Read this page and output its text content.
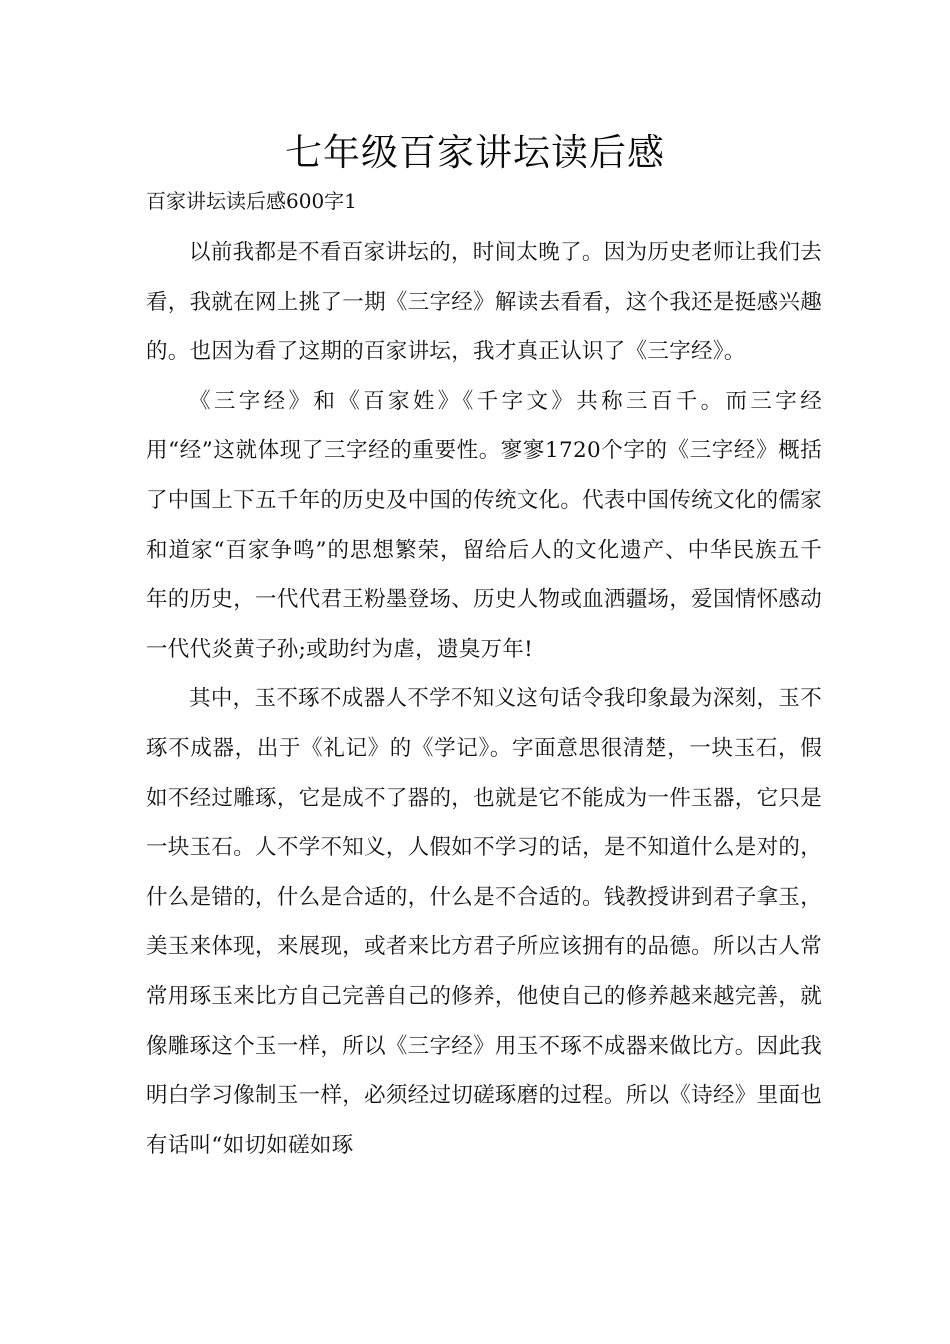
七年级百家讲坛读后感

百家讲坛读后感600字1

以前我都是不看百家讲坛的，时间太晚了。因为历史老师让我们去看，我就在网上挑了一期《三字经》解读去看看，这个我还是挺感兴趣的。也因为看了这期的百家讲坛，我才真正认识了《三字经》。

《三字经》和《百家姓》《千字文》共称三百千。而三字经用“经”这就体现了三字经的重要性。寥寥1720个字的《三字经》概括了中国上下五千年的历史及中国的传统文化。代表中国传统文化的儒家和道家“百家争鸣”的思想繁荣，留给后人的文化遗产、中华民族五千年的历史，一代代君王粉墨登场、历史人物或血洒疆场，爱国情怀感动一代代炎黄子孙;或助纣为虐，遗臭万年!

其中，玉不琢不成器人不学不知义这句话令我印象最为深刻，玉不琢不成器，出于《礼记》的《学记》。字面意思很清楚，一块玉石，假如不经过雕琢，它是成不了器的，也就是它不能成为一件玉器，它只是一块玉石。人不学不知义，人假如不学习的话，是不知道什么是对的，什么是错的，什么是合适的，什么是不合适的。钱教授讲到君子拿玉，美玉来体现，来展现，或者来比方君子所应该拥有的品德。所以古人常常用琢玉来比方自己完善自己的修养，他使自己的修养越来越完善，就像雕琢这个玉一样，所以《三字经》用玉不琢不成器来做比方。因此我明白学习像制玉一样，必须经过切磋琢磨的过程。所以《诗经》里面也有话叫“如切如磋如琢
